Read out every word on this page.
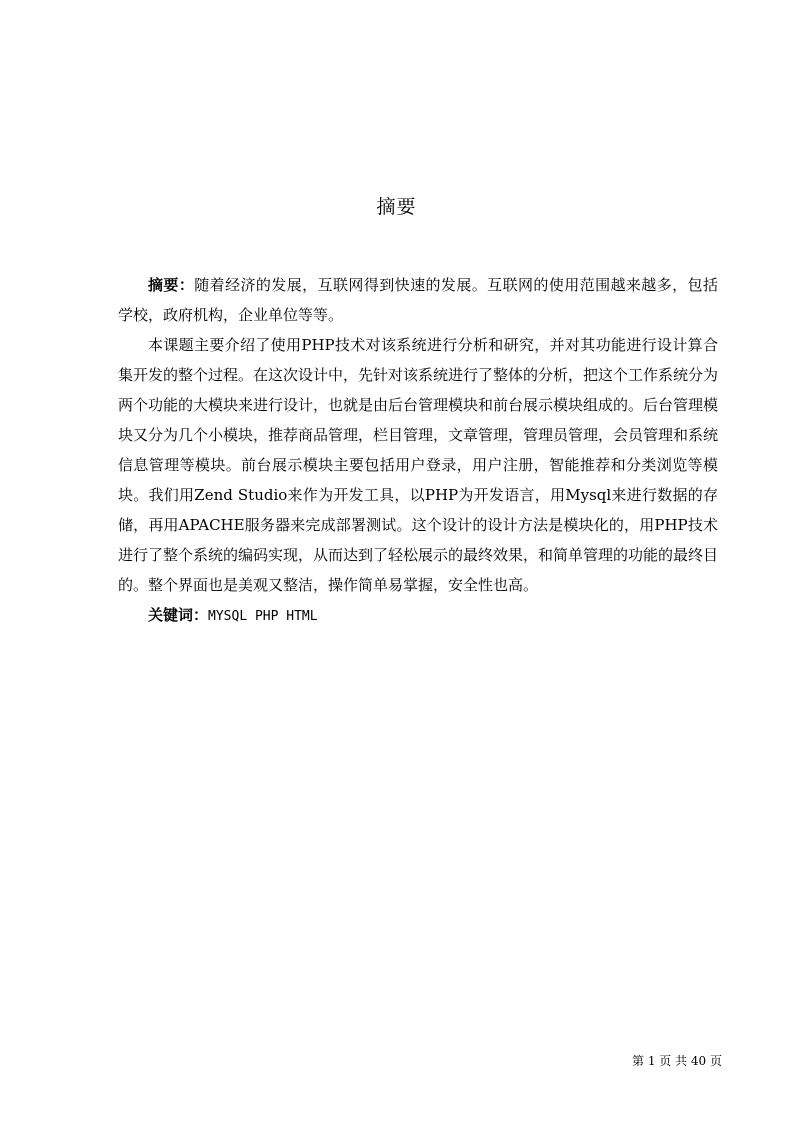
摘要

摘要：随着经济的发展，互联网得到快速的发展。互联网的使用范围越来越多，包括学校，政府机构，企业单位等等。

本课题主要介绍了使用PHP技术对该系统进行分析和研究，并对其功能进行设计算合集开发的整个过程。在这次设计中，先针对该系统进行了整体的分析，把这个工作系统分为两个功能的大模块来进行设计，也就是由后台管理模块和前台展示模块组成的。后台管理模块又分为几个小模块，推荐商品管理，栏目管理，文章管理，管理员管理，会员管理和系统信息管理等模块。前台展示模块主要包括用户登录，用户注册，智能推荐和分类浏览等模块。我们用Zend Studio来作为开发工具，以PHP为开发语言，用Mysql来进行数据的存储，再用APACHE服务器来完成部署测试。这个设计的设计方法是模块化的，用PHP技术进行了整个系统的编码实现，从而达到了轻松展示的最终效果，和简单管理的功能的最终目的。整个界面也是美观又整洁，操作简单易掌握，安全性也高。

关键词：MYSQL PHP HTML

第 1 页 共 40 页
